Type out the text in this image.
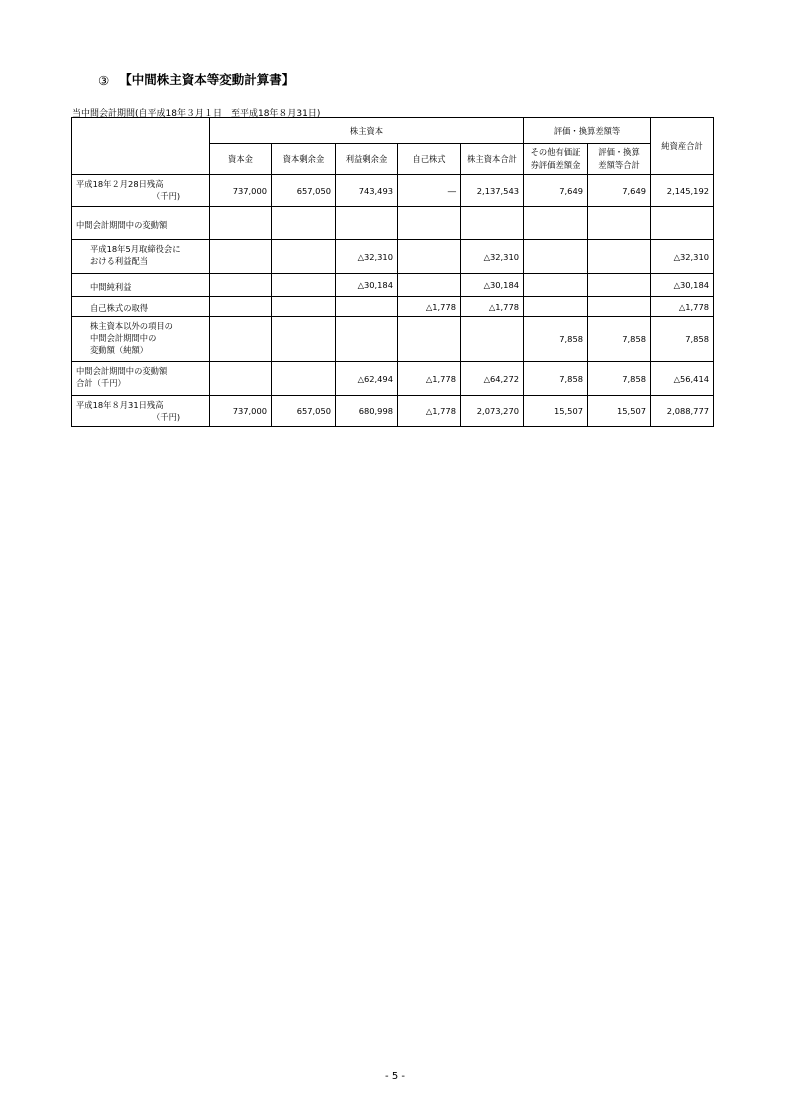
③ 【中間株主資本等変動計算書】
当中間会計期間(自平成18年３月１日　至平成18年８月31日)
	株主資本					評価・換算差額等		純資産合計
	資本金	資本剰余金	利益剰余金	自己株式	株主資本合計	その他有価証
券評価差額金	評価・換算
差額等合計	
平成18年２月28日残高
（千円)	737,000	657,050	743,493	―	2,137,543	7,649	7,649	2,145,192
中間会計期間中の変動額								
平成18年5月取締役会に
おける利益配当			△32,310		△32,310			△32,310
中間純利益			△30,184		△30,184			△30,184
自己株式の取得				△1,778	△1,778			△1,778
株主資本以外の項目の
中間会計期間中の
変動額（純額）						7,858	7,858	7,858
中間会計期間中の変動額
合計（千円）			△62,494	△1,778	△64,272	7,858	7,858	△56,414
平成18年８月31日残高
（千円)	737,000	657,050	680,998	△1,778	2,073,270	15,507	15,507	2,088,777
- 5 -
